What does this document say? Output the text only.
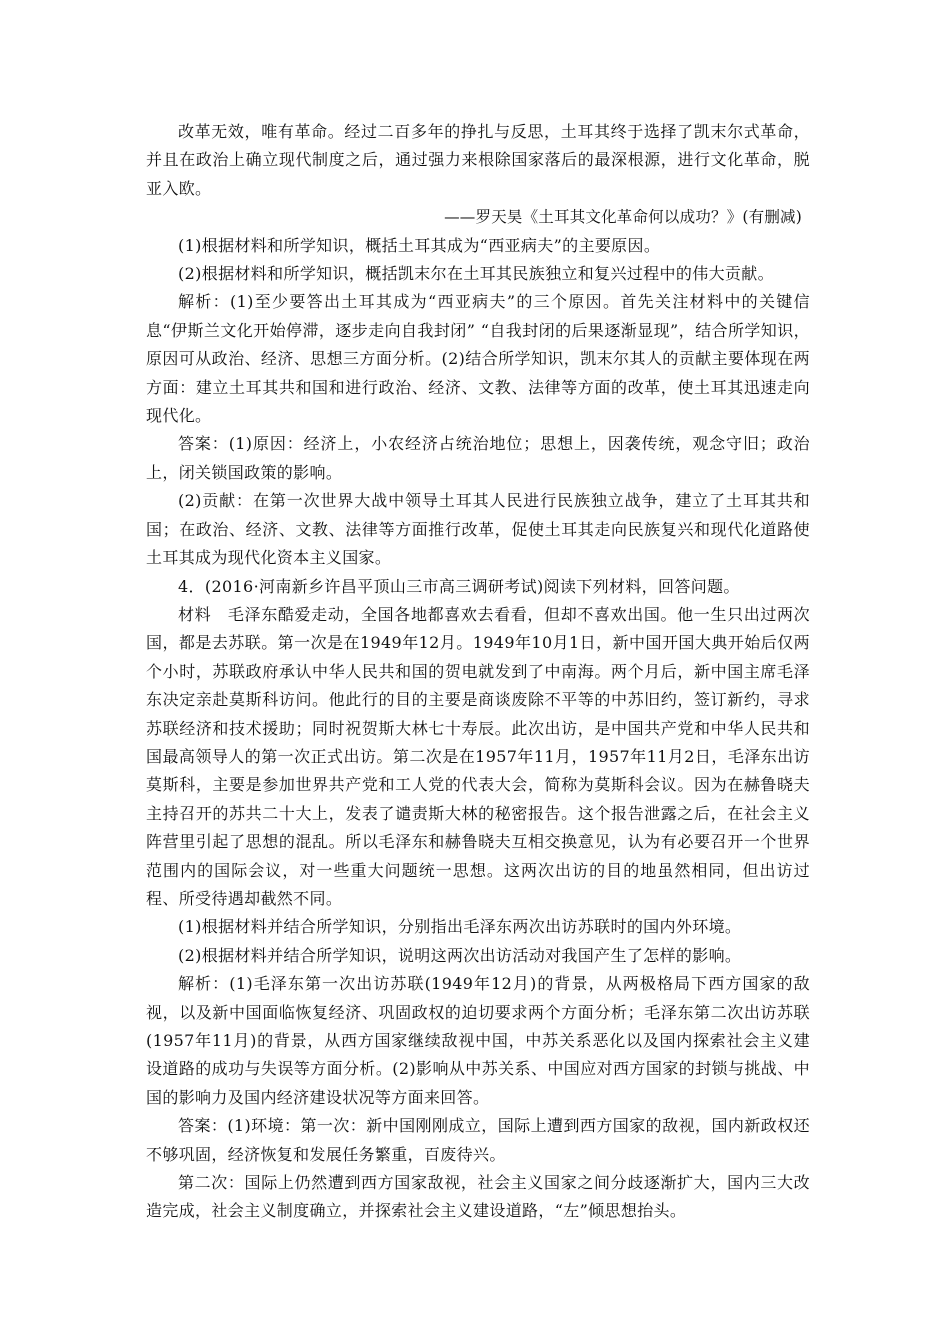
改革无效，唯有革命。经过二百多年的挣扎与反思，土耳其终于选择了凯末尔式革命，并且在政治上确立现代制度之后，通过强力来根除国家落后的最深根源，进行文化革命，脱亚入欧。

——罗天昊《土耳其文化革命何以成功？》(有删减)

(1)根据材料和所学知识，概括土耳其成为“西亚病夫”的主要原因。

(2)根据材料和所学知识，概括凯末尔在土耳其民族独立和复兴过程中的伟大贡献。

解析：(1)至少要答出土耳其成为“西亚病夫”的三个原因。首先关注材料中的关键信息“伊斯兰文化开始停滞，逐步走向自我封闭” “自我封闭的后果逐渐显现”，结合所学知识，原因可从政治、经济、思想三方面分析。(2)结合所学知识，凯末尔其人的贡献主要体现在两方面：建立土耳其共和国和进行政治、经济、文教、法律等方面的改革，使土耳其迅速走向现代化。

答案：(1)原因：经济上，小农经济占统治地位；思想上，因袭传统，观念守旧；政治上，闭关锁国政策的影响。

(2)贡献：在第一次世界大战中领导土耳其人民进行民族独立战争，建立了土耳其共和国；在政治、经济、文教、法律等方面推行改革，促使土耳其走向民族复兴和现代化道路使土耳其成为现代化资本主义国家。

4．(2016·河南新乡许昌平顶山三市高三调研考试)阅读下列材料，回答问题。

材料　毛泽东酷爱走动，全国各地都喜欢去看看，但却不喜欢出国。他一生只出过两次国，都是去苏联。第一次是在1949年12月。1949年10月1日，新中国开国大典开始后仅两个小时，苏联政府承认中华人民共和国的贺电就发到了中南海。两个月后，新中国主席毛泽东决定亲赴莫斯科访问。他此行的目的主要是商谈废除不平等的中苏旧约，签订新约，寻求苏联经济和技术援助；同时祝贺斯大林七十寿辰。此次出访，是中国共产党和中华人民共和国最高领导人的第一次正式出访。第二次是在1957年11月，1957年11月2日，毛泽东出访莫斯科，主要是参加世界共产党和工人党的代表大会，简称为莫斯科会议。因为在赫鲁晓夫主持召开的苏共二十大上，发表了谴责斯大林的秘密报告。这个报告泄露之后，在社会主义阵营里引起了思想的混乱。所以毛泽东和赫鲁晓夫互相交换意见，认为有必要召开一个世界范围内的国际会议，对一些重大问题统一思想。这两次出访的目的地虽然相同，但出访过程、所受待遇却截然不同。

(1)根据材料并结合所学知识，分别指出毛泽东两次出访苏联时的国内外环境。

(2)根据材料并结合所学知识，说明这两次出访活动对我国产生了怎样的影响。

解析：(1)毛泽东第一次出访苏联(1949年12月)的背景，从两极格局下西方国家的敌视，以及新中国面临恢复经济、巩固政权的迫切要求两个方面分析；毛泽东第二次出访苏联(1957年11月)的背景，从西方国家继续敌视中国，中苏关系恶化以及国内探索社会主义建设道路的成功与失误等方面分析。(2)影响从中苏关系、中国应对西方国家的封锁与挑战、中国的影响力及国内经济建设状况等方面来回答。

答案：(1)环境：第一次：新中国刚刚成立，国际上遭到西方国家的敌视，国内新政权还不够巩固，经济恢复和发展任务繁重，百废待兴。

第二次：国际上仍然遭到西方国家敌视，社会主义国家之间分歧逐渐扩大，国内三大改造完成，社会主义制度确立，并探索社会主义建设道路，“左”倾思想抬头。
